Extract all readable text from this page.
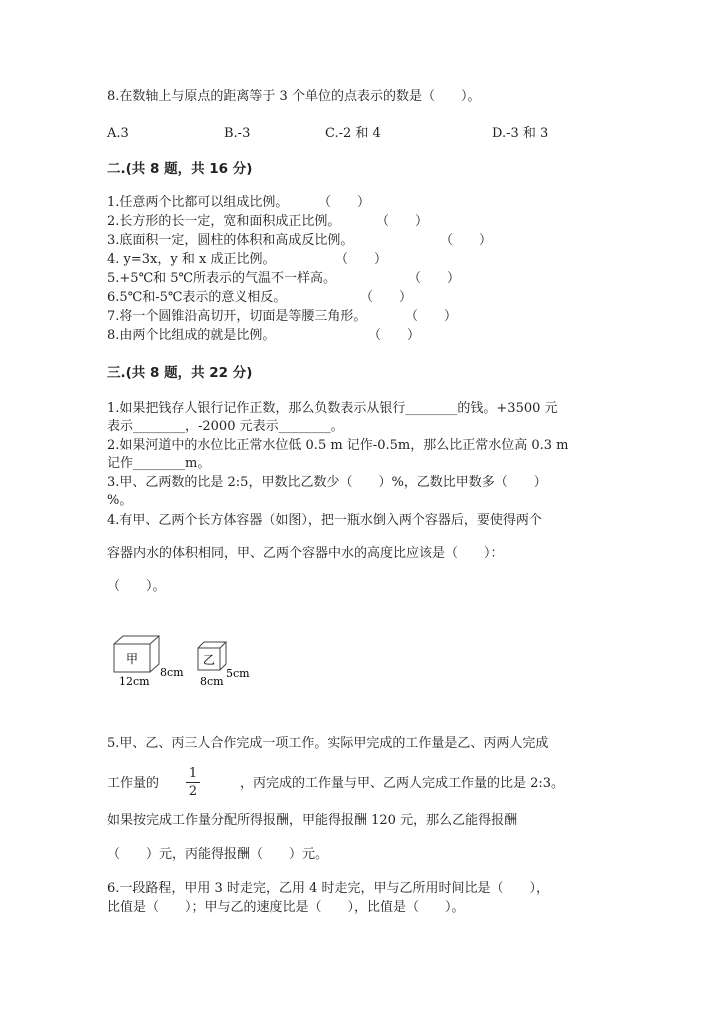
8.在数轴上与原点的距离等于 3 个单位的点表示的数是（　　）。
A.3	B.-3	C.-2 和 4	D.-3 和 3
二.(共 8 题，共 16 分)
1.任意两个比都可以组成比例。 （　　）
2.长方形的长一定，宽和面积成正比例。	（　　）
3.底面积一定，圆柱的体积和高成反比例。	（　　）
4. y=3x，y 和 x 成正比例。	（　　）
5.+5℃和 5℃所表示的气温不一样高。	（　　）
6.5℃和-5℃表示的意义相反。	（　　）
7.将一个圆锥沿高切开，切面是等腰三角形。	（　　）
8.由两个比组成的就是比例。	（　　）
三.(共 8 题，共 22 分)
1.如果把钱存人银行记作正数，那么负数表示从银行________的钱。+3500 元
表示________，-2000 元表示________。
2.如果河道中的水位比正常水位低 0.5 m 记作-0.5m，那么比正常水位高 0.3 m
记作________m。
3.甲、乙两数的比是 2:5，甲数比乙数少（　　）%，乙数比甲数多（　　）
%。
4.有甲、乙两个长方体容器（如图），把一瓶水倒入两个容器后，要使得两个
容器内水的体积相同，甲、乙两个容器中水的高度比应该是（　　）：
（　　）。
甲
12cm
8cm
乙
8cm
5cm
5.甲、乙、丙三人合作完成一项工作。实际甲完成的工作量是乙、丙两人完成
工作量的
1
2
，丙完成的工作量与甲、乙两人完成工作量的比是 2:3。
如果按完成工作量分配所得报酬，甲能得报酬 120 元，那么乙能得报酬
（　　）元，丙能得报酬（　　）元。
6.一段路程，甲用 3 时走完，乙用 4 时走完，甲与乙所用时间比是（　　），
比值是（　　）；甲与乙的速度比是（　　），比值是（　　）。
